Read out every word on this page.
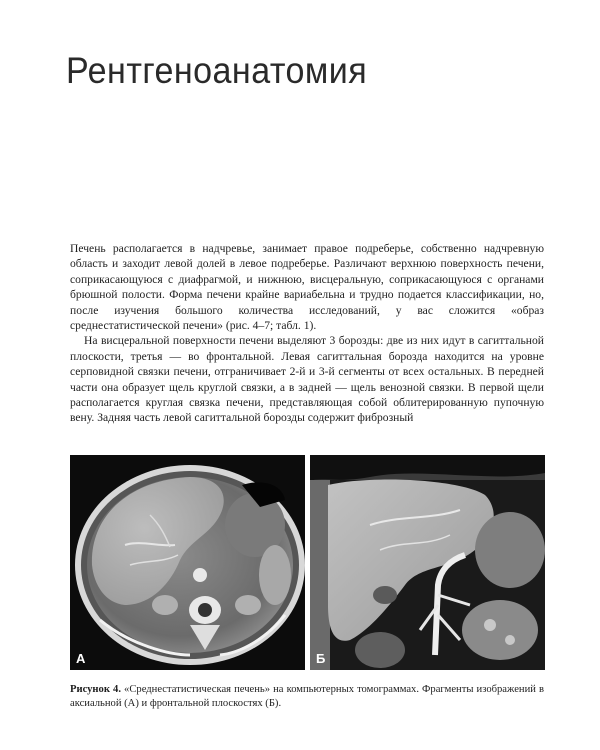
Рентгеноанатомия

Печень располагается в надчревье, занимает правое подреберье, собственно надчревную область и заходит левой долей в левое подреберье. Различают верхнюю поверхность печени, соприкасающуюся с диафрагмой, и нижнюю, висцеральную, соприкасающуюся с органами брюшной полости. Форма печени крайне вариабельна и трудно подается классификации, но, после изучения большого количества исследований, у вас сложится «образ среднестатистической печени» (рис. 4–7; табл. 1).

На висцеральной поверхности печени выделяют 3 борозды: две из них идут в сагиттальной плоскости, третья — во фронтальной. Левая сагиттальная борозда находится на уровне серповидной связки печени, отграничивает 2-й и 3-й сегменты от всех остальных. В передней части она образует щель круглой связки, а в задней — щель венозной связки. В первой щели располагается круглая связка печени, представляющая собой облитерированную пупочную вену. Задняя часть левой сагиттальной борозды содержит фиброзный

А	Б
Рисунок 4. «Среднестатистическая печень» на компьютерных томограммах. Фрагменты изображений в аксиальной (А) и фронтальной плоскостях (Б).
